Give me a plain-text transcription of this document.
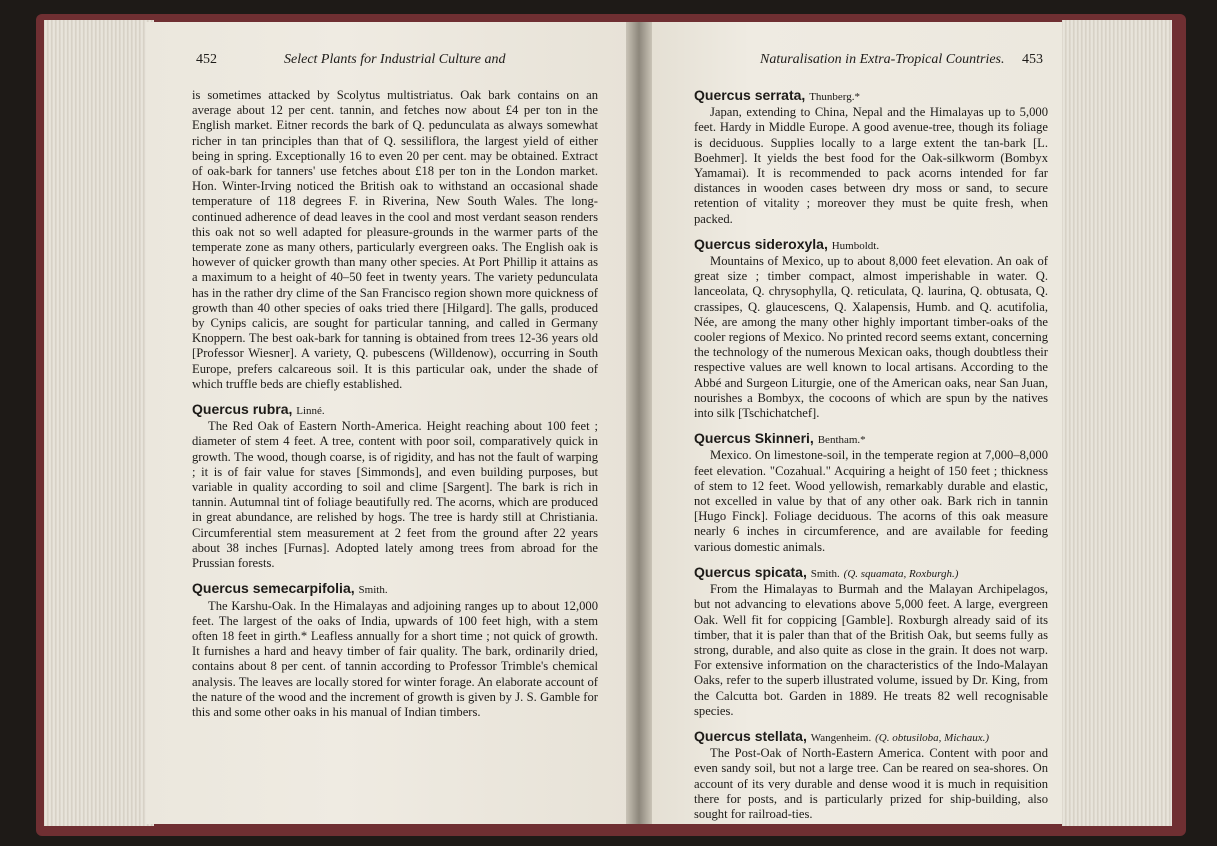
452	Select Plants for Industrial Culture and	Naturalisation in Extra-Tropical Countries. 453

is sometimes attacked by Scolytus multistriatus. Oak bark contains on an average about 12 per cent. tannin, and fetches now about £4 per ton in the English market. Eitner records the bark of Q. pedunculata as always somewhat richer in tan principles than that of Q. sessiliflora, the largest yield of either being in spring. Exceptionally 16 to even 20 per cent. may be obtained. Extract of oak-bark for tanners' use fetches about £18 per ton in the London market. Hon. Winter-Irving noticed the British oak to withstand an occasional shade temperature of 118 degrees F. in Riverina, New South Wales. The long-continued adherence of dead leaves in the cool and most verdant season renders this oak not so well adapted for pleasure-grounds in the warmer parts of the temperate zone as many others, particularly evergreen oaks. The English oak is however of quicker growth than many other species. At Port Phillip it attains as a maximum to a height of 40–50 feet in twenty years. The variety pedunculata has in the rather dry clime of the San Francisco region shown more quickness of growth than 40 other species of oaks tried there [Hilgard]. The galls, produced by Cynips calicis, are sought for particular tanning, and called in Germany Knoppern. The best oak-bark for tanning is obtained from trees 12-36 years old [Professor Wiesner]. A variety, Q. pubescens (Willdenow), occurring in South Europe, prefers calcareous soil. It is this particular oak, under the shade of which truffle beds are chiefly established.

Quercus rubra, Linné.

The Red Oak of Eastern North-America. Height reaching about 100 feet ; diameter of stem 4 feet. A tree, content with poor soil, comparatively quick in growth. The wood, though coarse, is of rigidity, and has not the fault of warping ; it is of fair value for staves [Simmonds], and even building purposes, but variable in quality according to soil and clime [Sargent]. The bark is rich in tannin. Autumnal tint of foliage beautifully red. The acorns, which are produced in great abundance, are relished by hogs. The tree is hardy still at Christiania. Circumferential stem measurement at 2 feet from the ground after 22 years about 38 inches [Furnas]. Adopted lately among trees from abroad for the Prussian forests.

Quercus semecarpifolia, Smith.

The Karshu-Oak. In the Himalayas and adjoining ranges up to about 12,000 feet. The largest of the oaks of India, upwards of 100 feet high, with a stem often 18 feet in girth.* Leafless annually for a short time ; not quick of growth. It furnishes a hard and heavy timber of fair quality. The bark, ordinarily dried, contains about 8 per cent. of tannin according to Professor Trimble's chemical analysis. The leaves are locally stored for winter forage. An elaborate account of the nature of the wood and the increment of growth is given by J. S. Gamble for this and some other oaks in his manual of Indian timbers.

Quercus serrata, Thunberg.*

Japan, extending to China, Nepal and the Himalayas up to 5,000 feet. Hardy in Middle Europe. A good avenue-tree, though its foliage is deciduous. Supplies locally to a large extent the tan-bark [L. Boehmer]. It yields the best food for the Oak-silkworm (Bombyx Yamamai). It is recommended to pack acorns intended for far distances in wooden cases between dry moss or sand, to secure retention of vitality ; moreover they must be quite fresh, when packed.

Quercus sideroxyla, Humboldt.

Mountains of Mexico, up to about 8,000 feet elevation. An oak of great size ; timber compact, almost imperishable in water. Q. lanceolata, Q. chrysophylla, Q. reticulata, Q. laurina, Q. obtusata, Q. crassipes, Q. glaucescens, Q. Xalapensis, Humb. and Q. acutifolia, Née, are among the many other highly important timber-oaks of the cooler regions of Mexico. No printed record seems extant, concerning the technology of the numerous Mexican oaks, though doubtless their respective values are well known to local artisans. According to the Abbé and Surgeon Liturgie, one of the American oaks, near San Juan, nourishes a Bombyx, the cocoons of which are spun by the natives into silk [Tschichatchef].

Quercus Skinneri, Bentham.*

Mexico. On limestone-soil, in the temperate region at 7,000–8,000 feet elevation. "Cozahual." Acquiring a height of 150 feet ; thickness of stem to 12 feet. Wood yellowish, remarkably durable and elastic, not excelled in value by that of any other oak. Bark rich in tannin [Hugo Finck]. Foliage deciduous. The acorns of this oak measure nearly 6 inches in circumference, and are available for feeding various domestic animals.

Quercus spicata, Smith. (Q. squamata, Roxburgh.)

From the Himalayas to Burmah and the Malayan Archipelagos, but not advancing to elevations above 5,000 feet. A large, evergreen Oak. Well fit for coppicing [Gamble]. Roxburgh already said of its timber, that it is paler than that of the British Oak, but seems fully as strong, durable, and also quite as close in the grain. It does not warp. For extensive information on the characteristics of the Indo-Malayan Oaks, refer to the superb illustrated volume, issued by Dr. King, from the Calcutta bot. Garden in 1889. He treats 82 well recognisable species.

Quercus stellata, Wangenheim. (Q. obtusiloba, Michaux.)

The Post-Oak of North-Eastern America. Content with poor and even sandy soil, but not a large tree. Can be reared on sea-shores. On account of its very durable and dense wood it is much in requisition there for posts, and is particularly prized for ship-building, also sought for railroad-ties.
